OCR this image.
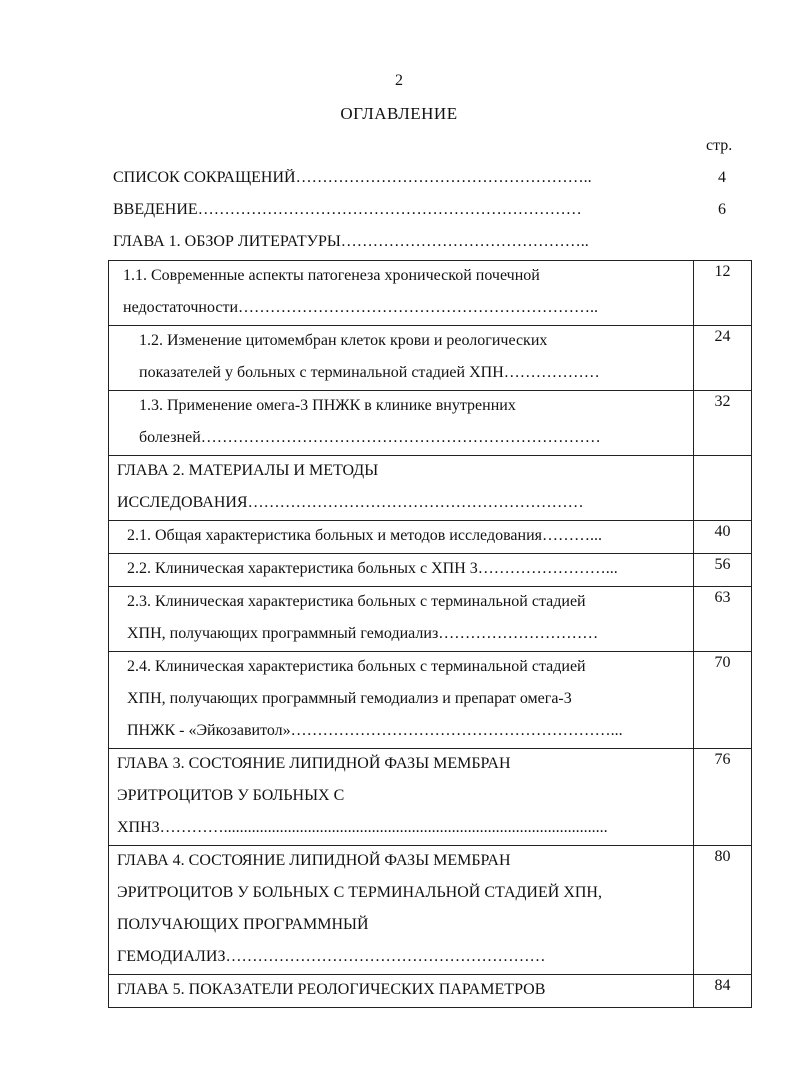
2
ОГЛАВЛЕНИЕ
стр.
СПИСОК СОКРАЩЕНИЙ………………………………………………..	4
ВВЕДЕНИЕ………………………………………………………………	6
ГЛАВА 1. ОБЗОР ЛИТЕРАТУРЫ………………………………………..
1.1. Современные аспекты патогенеза хронической почечной
недостаточности…………………………………………………………..	12

1.2. Изменение цитомембран клеток крови и реологических
показателей у больных с терминальной стадией ХПН………………	24

1.3. Применение омега-3 ПНЖК в клинике внутренних
болезней…………………………………………………………………	32

ГЛАВА 2. МАТЕРИАЛЫ И МЕТОДЫ
ИССЛЕДОВАНИЯ………………………………………………………	

2.1. Общая характеристика больных и методов исследования………...	40

2.2. Клиническая характеристика больных с ХПН 3……………………...	56

2.3. Клиническая характеристика больных с терминальной стадией
ХПН, получающих программный гемодиализ…………………………	63

2.4. Клиническая характеристика больных с терминальной стадией
ХПН, получающих программный гемодиализ и препарат омега-3
ПНЖК - «Эйкозавитол»……………………………………………………...	70

ГЛАВА 3. СОСТОЯНИЕ ЛИПИДНОЙ ФАЗЫ МЕМБРАН
ЭРИТРОЦИТОВ У БОЛЬНЫХ С
ХПН3…………................................................................................................	76

ГЛАВА 4. СОСТОЯНИЕ ЛИПИДНОЙ ФАЗЫ МЕМБРАН
ЭРИТРОЦИТОВ У БОЛЬНЫХ С ТЕРМИНАЛЬНОЙ СТАДИЕЙ ХПН,
ПОЛУЧАЮЩИХ ПРОГРАММНЫЙ
ГЕМОДИАЛИЗ……………………………………………………	80

ГЛАВА 5. ПОКАЗАТЕЛИ РЕОЛОГИЧЕСКИХ ПАРАМЕТРОВ	84
